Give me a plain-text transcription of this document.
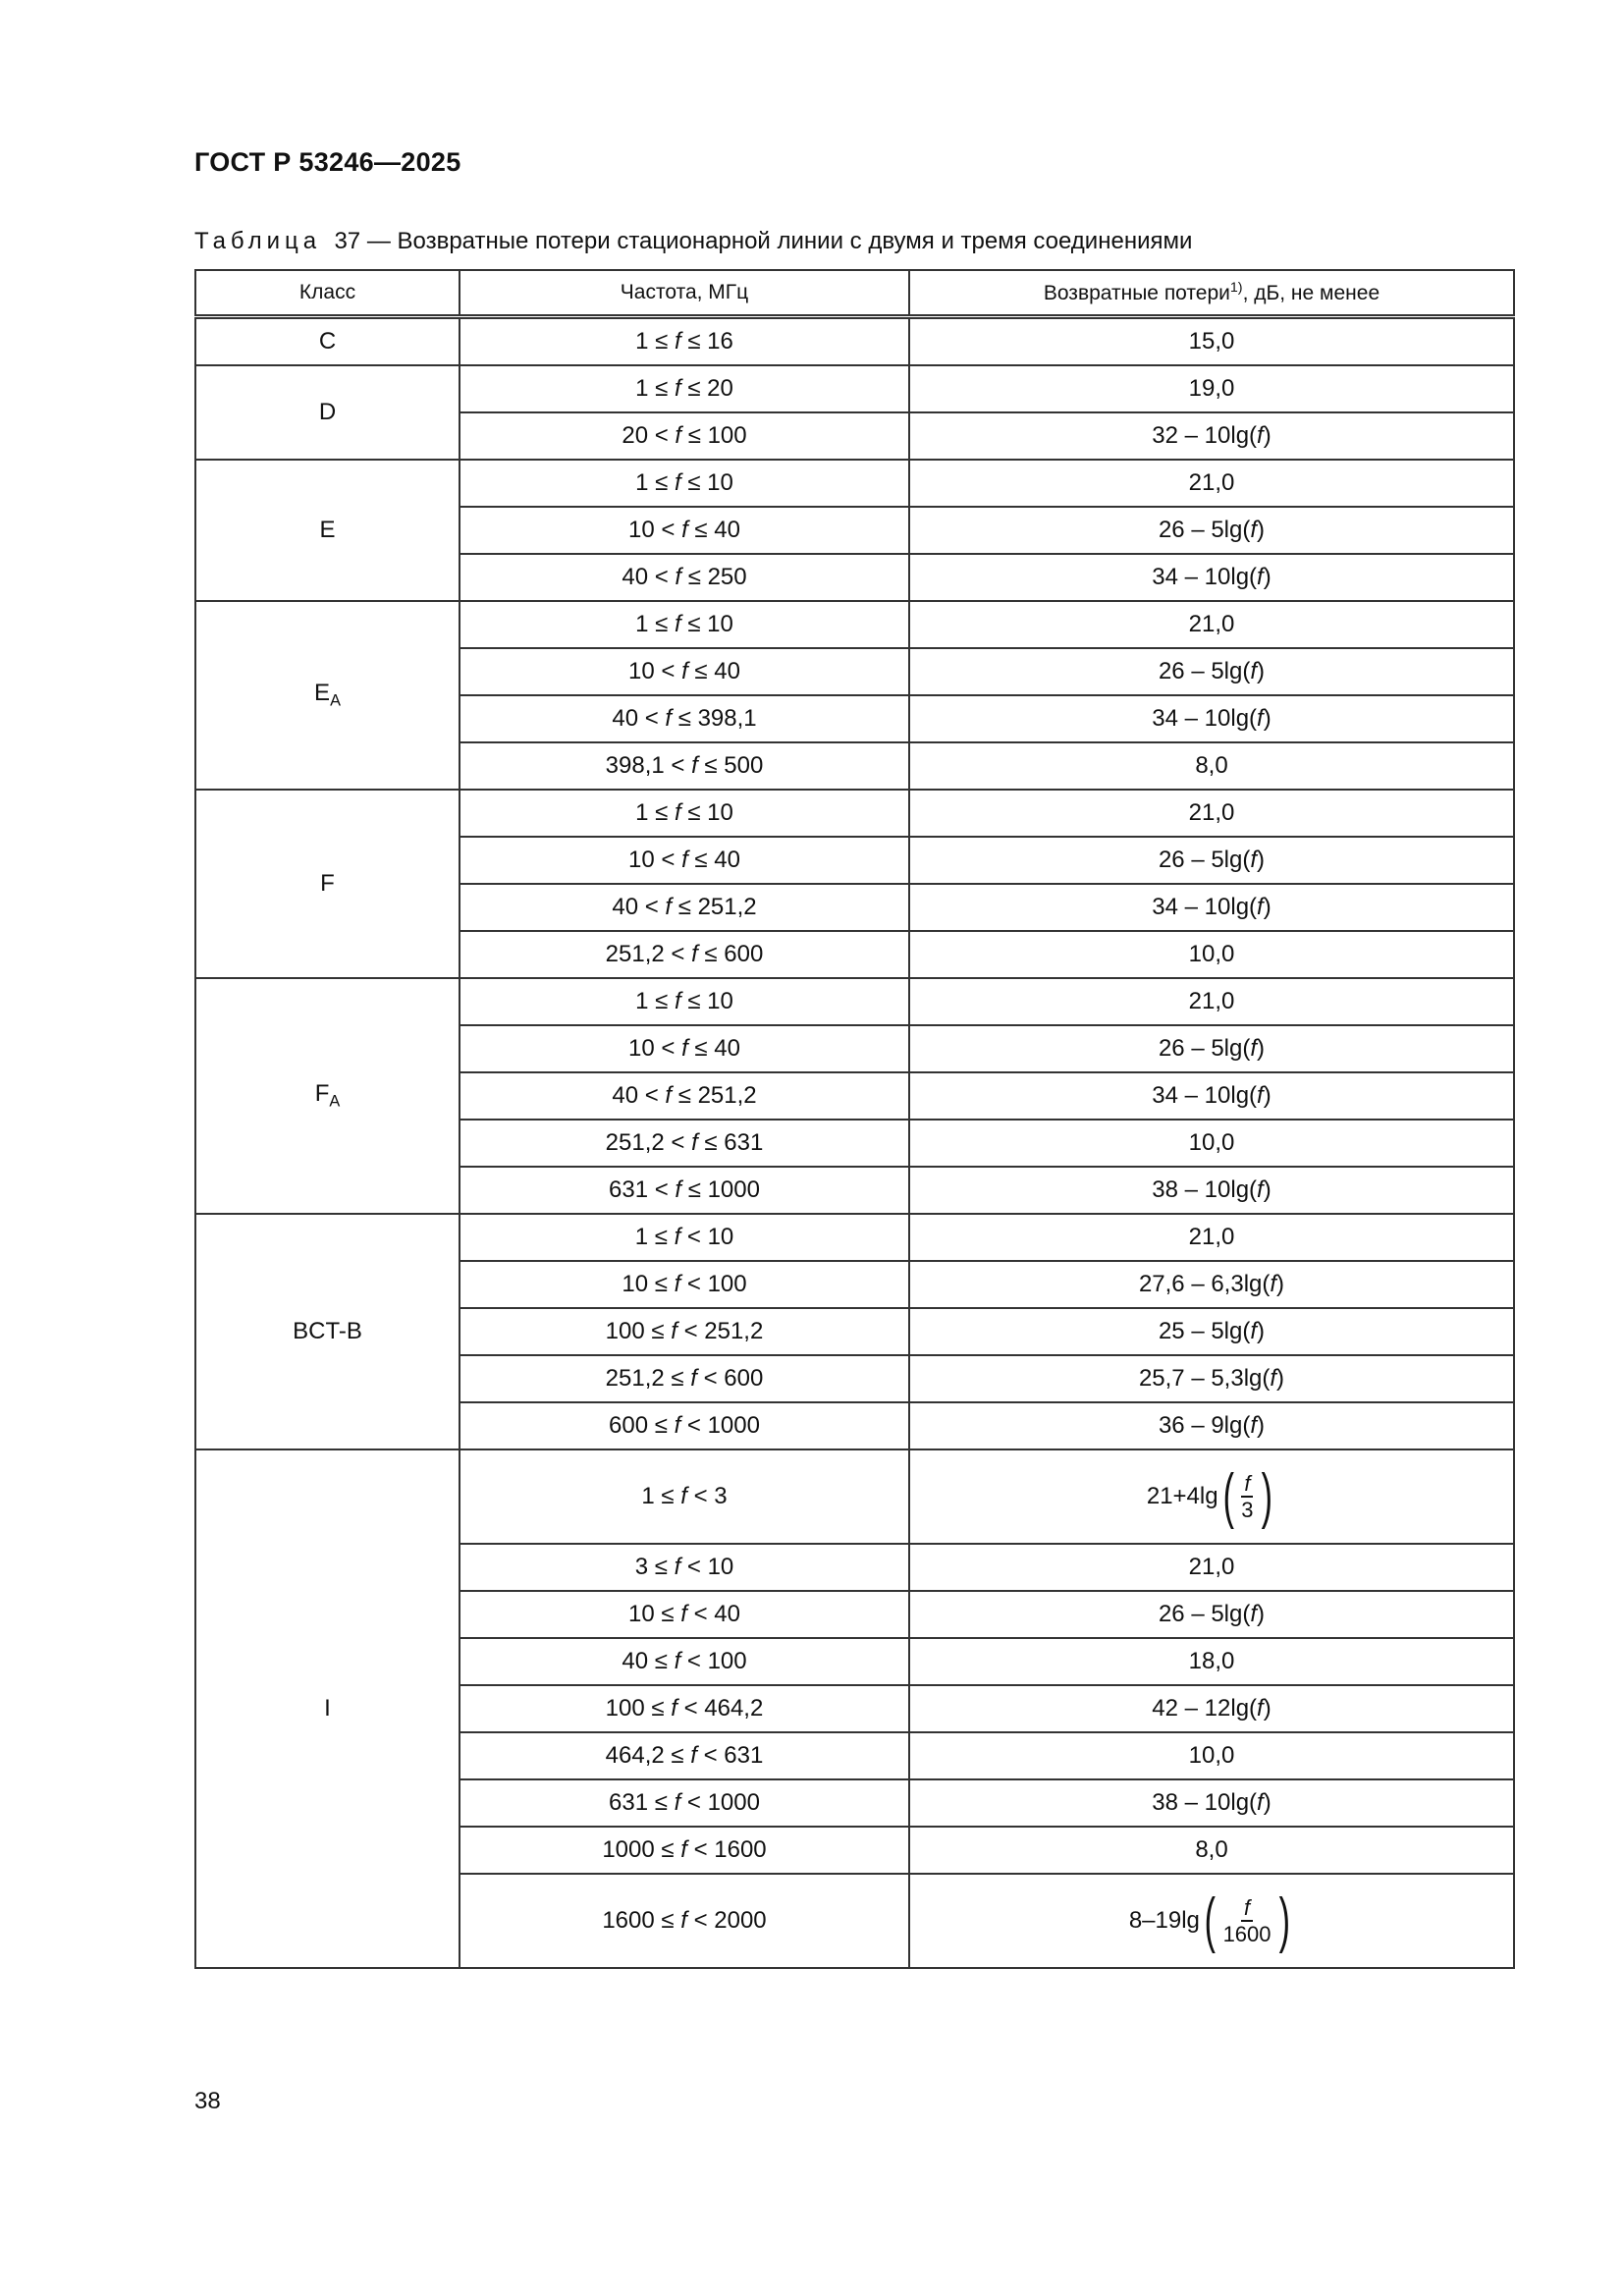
ГОСТ Р 53246—2025
Таблица 37 — Возвратные потери стационарной линии с двумя и тремя соединениями
Класс	Частота, МГц	Возвратные потери$^{1)}$, дБ, не менее
C	1 ≤ f ≤ 16	15,0
D	1 ≤ f ≤ 20	19,0
	20 < f ≤ 100	32 – 10lg(f)
E	1 ≤ f ≤ 10	21,0
	10 < f ≤ 40	26 – 5lg(f)
	40 < f ≤ 250	34 – 10lg(f)
$E_A$	1 ≤ f ≤ 10	21,0
	10 < f ≤ 40	26 – 5lg(f)
	40 < f ≤ 398,1	34 – 10lg(f)
	398,1 < f ≤ 500	8,0
F	1 ≤ f ≤ 10	21,0
	10 < f ≤ 40	26 – 5lg(f)
	40 < f ≤ 251,2	34 – 10lg(f)
	251,2 < f ≤ 600	10,0
$F_A$	1 ≤ f ≤ 10	21,0
	10 < f ≤ 40	26 – 5lg(f)
	40 < f ≤ 251,2	34 – 10lg(f)
	251,2 < f ≤ 631	10,0
	631 < f ≤ 1000	38 – 10lg(f)
BCT-B	1 ≤ f < 10	21,0
	10 ≤ f < 100	27,6 – 6,3lg(f)
	100 ≤ f < 251,2	25 – 5lg(f)
	251,2 ≤ f < 600	25,7 – 5,3lg(f)
	600 ≤ f < 1000	36 – 9lg(f)
I	1 ≤ f < 3	21+4lg ( $\frac{f}{3}$ )

	3 ≤ f < 10	21,0
	10 ≤ f < 40	26 – 5lg(f)
	40 ≤ f < 100	18,0
	100 ≤ f < 464,2	42 – 12lg(f)
	464,2 ≤ f < 631	10,0
	631 ≤ f < 1000	38 – 10lg(f)
	1000 ≤ f < 1600	8,0
	1600 ≤ f < 2000	8–19lg ( $\frac{f}{1600}$ )
38
